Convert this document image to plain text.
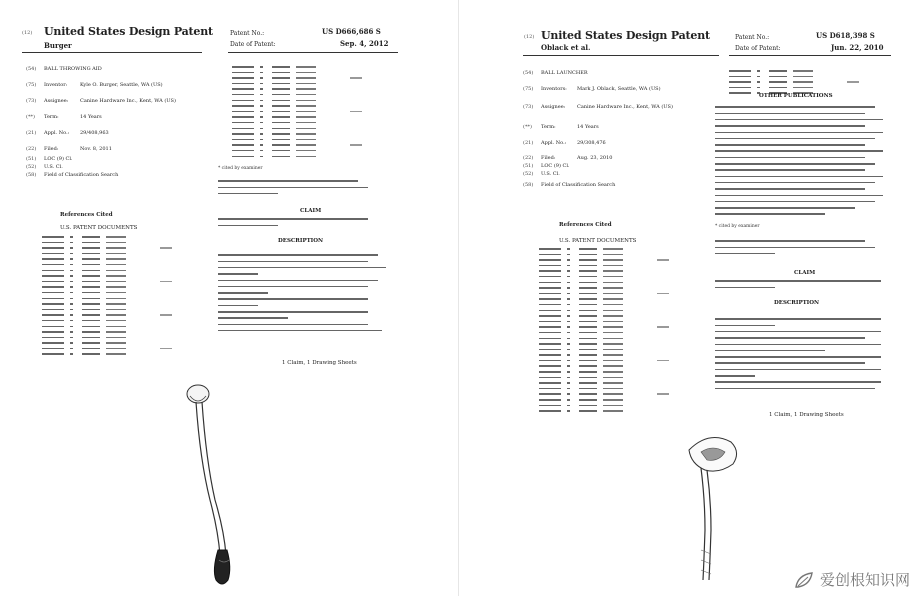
(12) United States Design Patent
Burger
Patent No.:	US D666,686 S
Date of Patent:	Sep. 4, 2012
(54) BALL THROWING AID
(75) Inventor:	Kyle O. Burger, Seattle, WA (US)
(73) Assignee: Canine Hardware Inc., Kent, WA (US)
(**) Term:	14 Years
(21) Appl. No.: 29/408,963
(22) Filed:	Nov. 8, 2011
(51) LOC (9) Cl.
(52) U.S. Cl.
(58) Field of Classification Search
References Cited
U.S. PATENT DOCUMENTS
* cited by examiner
CLAIM
DESCRIPTION
1 Claim, 1 Drawing Sheets
(12) United States Design Patent
Oblack et al.
Patent No.:	US D618,398 S
Date of Patent:	Jun. 22, 2010
(54) BALL LAUNCHER
(75) Inventors: Mark J. Oblack, Seattle, WA (US)
(73) Assignee: Canine Hardware Inc., Kent, WA (US)
(**) Term:	14 Years
(21) Appl. No.: 29/308,476
(22) Filed:	Aug. 23, 2010
(51) LOC (9) Cl.
(52) U.S. Cl.
(58) Field of Classification Search
References Cited
U.S. PATENT DOCUMENTS
OTHER PUBLICATIONS
* cited by examiner
CLAIM
DESCRIPTION
1 Claim, 1 Drawing Sheets
爱创根知识网
